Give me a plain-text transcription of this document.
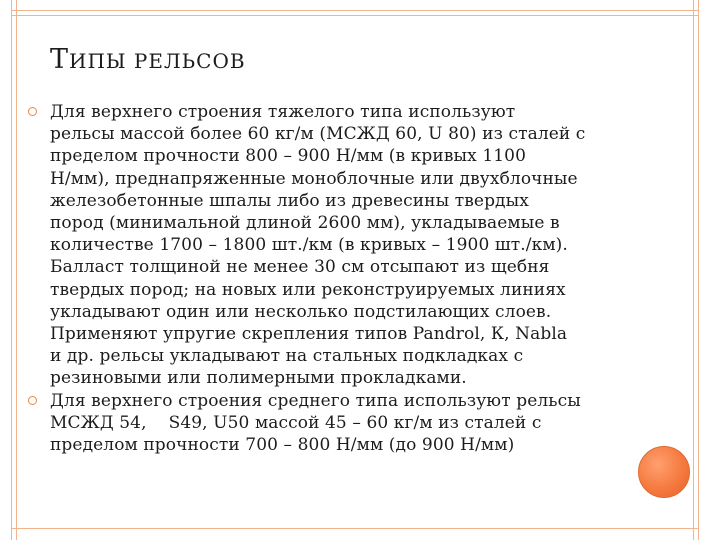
ТИПЫ РЕЛЬСОВ
Для верхнего строения тяжелого типа используют
рельсы массой более 60 кг/м (МСЖД 60, U 80) из сталей с
пределом прочности 800 – 900 Н/мм (в кривых 1100
Н/мм), преднапряженные моноблочные или двухблочные
железобетонные шпалы либо из древесины твердых
пород (минимальной длиной 2600 мм), укладываемые в
количестве 1700 – 1800 шт./км (в кривых – 1900 шт./км).
Балласт толщиной не менее 30 см отсыпают из щебня
твердых пород; на новых или реконструируемых линиях
укладывают один или несколько подстилающих слоев.
Применяют упругие скрепления типов Pandrol, К, Nabla
и др. рельсы укладывают на стальных подкладках с
резиновыми или полимерными прокладками.
Для верхнего строения среднего типа используют рельсы
МСЖД 54,    S49, U50 массой 45 – 60 кг/м из сталей с
пределом прочности 700 – 800 Н/мм (до 900 Н/мм)
